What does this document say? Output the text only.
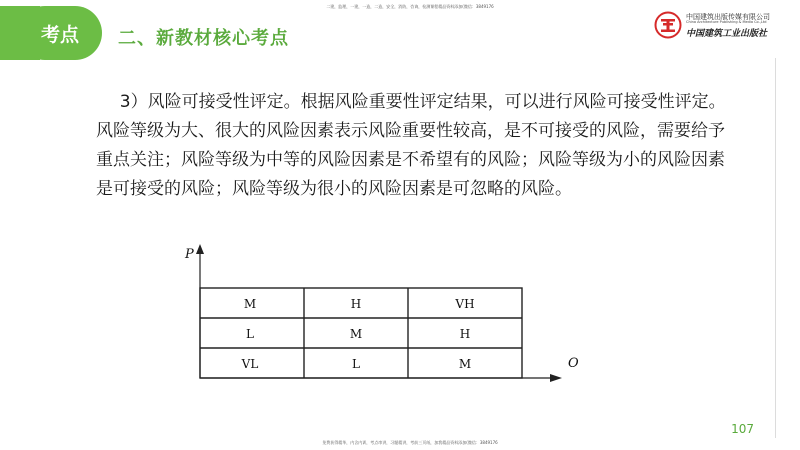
二建，监理，一建，一造，二造，安全，消防，咨询，检测课程精品资料添加(微信：3849176
考点	二、新教材核心考点
中国建筑出版传媒有限公司
China Architecture Publishing & Media Co.,Ltd
中国建筑工业出版社
3）风险可接受性评定。根据风险重要性评定结果，可以进行风险可接受性评定。风险等级为大、很大的风险因素表示风险重要性较高，是不可接受的风险，需要给予重点关注；风险等级为中等的风险因素是不希望有的风险；风险等级为小的风险因素是可接受的风险；风险等级为很小的风险因素是可忽略的风险。
P
O
M	H	VH
L	M	H
VL	L	M
107
免费获得精华，内含内训，考点串讲，习题精讲，考前三页纸，加我精品资料添加(微信：3849176
